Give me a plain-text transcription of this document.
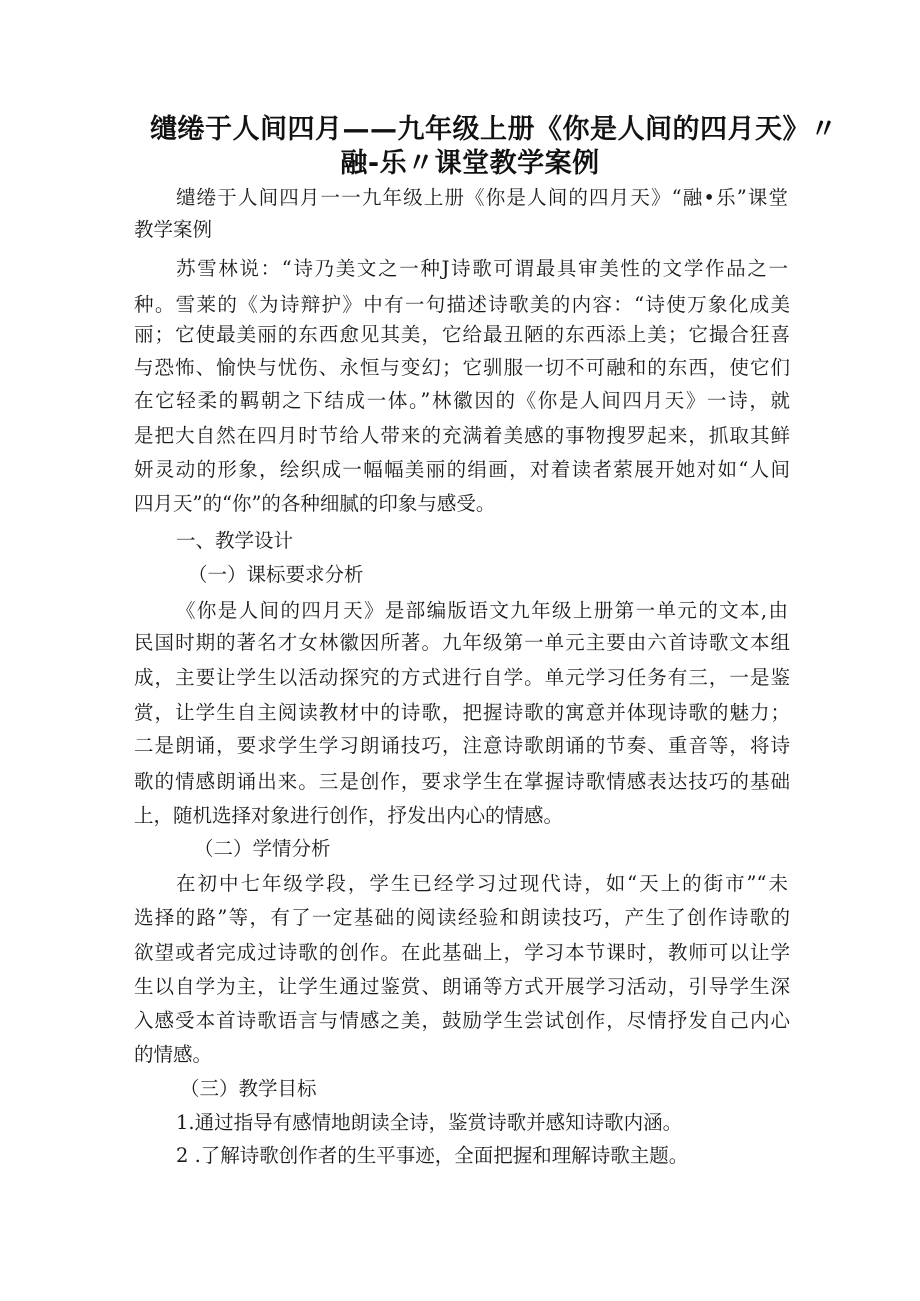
缱绻于人间四月——九年级上册《你是人间的四月天》〃
融-乐〃课堂教学案例
缱绻于人间四月一一九年级上册《你是人间的四月天》“融•乐”课堂
教学案例
苏雪林说：“诗乃美文之一种J诗歌可谓最具审美性的文学作品之一
种。雪莱的《为诗辩护》中有一句描述诗歌美的内容：“诗使万象化成美
丽；它使最美丽的东西愈见其美，它给最丑陋的东西添上美；它撮合狂喜
与恐怖、愉快与忧伤、永恒与变幻；它驯服一切不可融和的东西，使它们
在它轻柔的羁朝之下结成一体。”林徽因的《你是人间四月天》一诗，就
是把大自然在四月时节给人带来的充满着美感的事物搜罗起来，抓取其鲜
妍灵动的形象，绘织成一幅幅美丽的绢画，对着读者萦展开她对如“人间
四月天”的“你”的各种细腻的印象与感受。
一、教学设计
（一）课标要求分析
《你是人间的四月天》是部编版语文九年级上册第一单元的文本,由
民国时期的著名才女林徽因所著。九年级第一单元主要由六首诗歌文本组
成，主要让学生以活动探究的方式进行自学。单元学习任务有三，一是鉴
赏，让学生自主阅读教材中的诗歌，把握诗歌的寓意并体现诗歌的魅力；
二是朗诵，要求学生学习朗诵技巧，注意诗歌朗诵的节奏、重音等，将诗
歌的情感朗诵出来。三是创作，要求学生在掌握诗歌情感表达技巧的基础
上，随机选择对象进行创作，抒发出内心的情感。
（二）学情分析
在初中七年级学段，学生已经学习过现代诗，如“天上的街市”“未
选择的路”等，有了一定基础的阅读经验和朗读技巧，产生了创作诗歌的
欲望或者完成过诗歌的创作。在此基础上，学习本节课时，教师可以让学
生以自学为主，让学生通过鉴赏、朗诵等方式开展学习活动，引导学生深
入感受本首诗歌语言与情感之美，鼓励学生尝试创作，尽情抒发自己内心
的情感。
（三）教学目标
1.通过指导有感情地朗读全诗，鉴赏诗歌并感知诗歌内涵。
2 .了解诗歌创作者的生平事迹，全面把握和理解诗歌主题。
